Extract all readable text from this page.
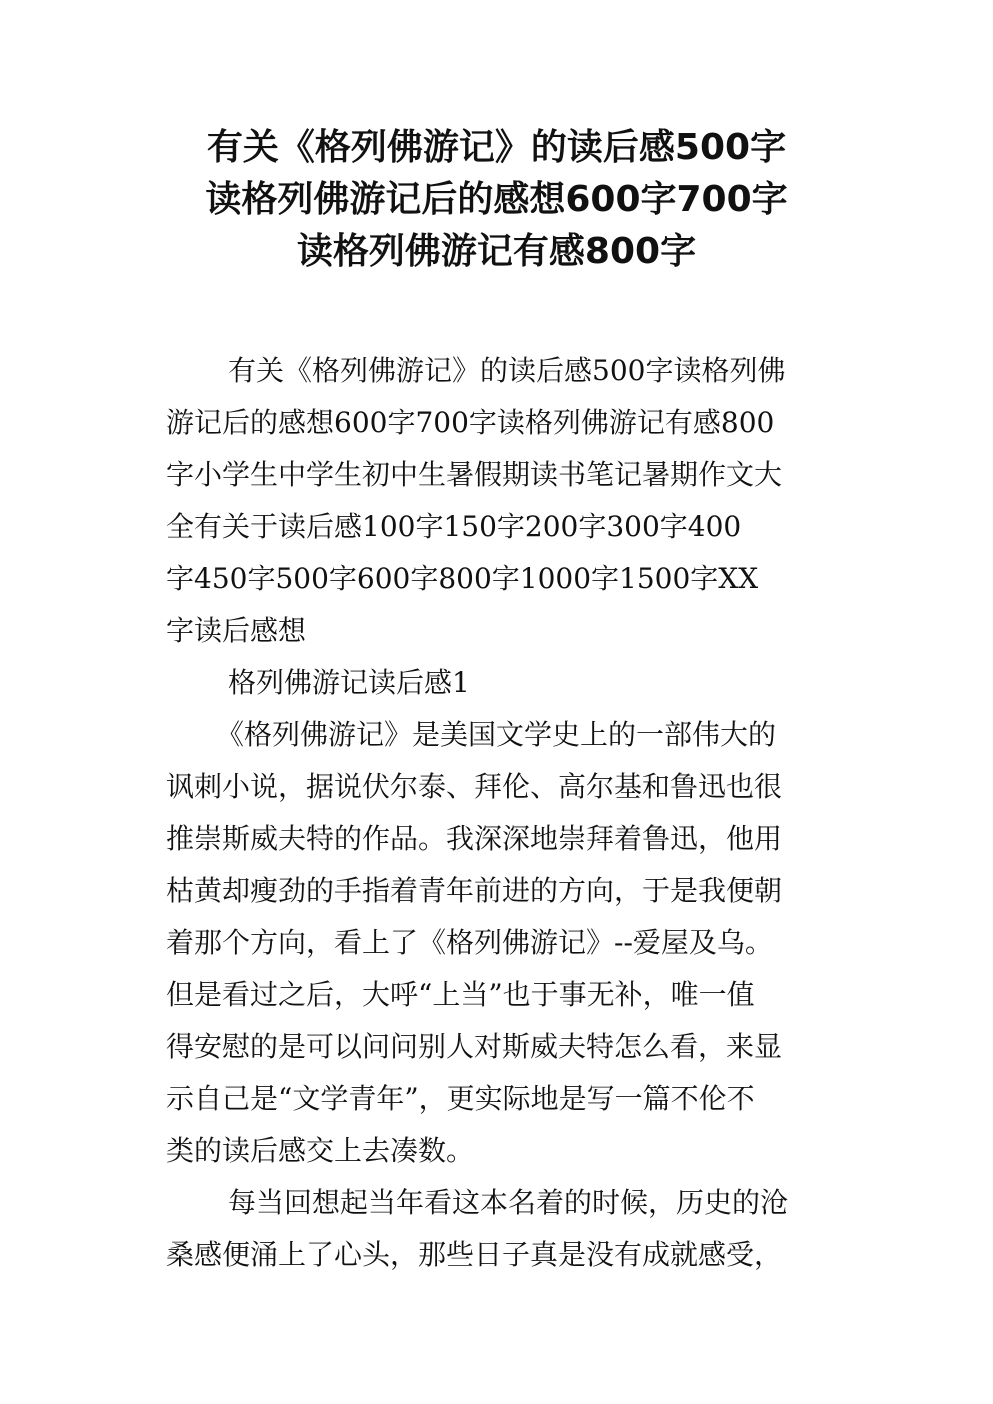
有关《格列佛游记》的读后感500字
读格列佛游记后的感想600字700字
读格列佛游记有感800字
有关《格列佛游记》的读后感500字读格列佛
游记后的感想600字700字读格列佛游记有感800
字小学生中学生初中生暑假期读书笔记暑期作文大
全有关于读后感100字150字200字300字400
字450字500字600字800字1000字1500字XX
字读后感想
格列佛游记读后感1
《格列佛游记》是美国文学史上的一部伟大的
讽刺小说，据说伏尔泰、拜伦、高尔基和鲁迅也很
推崇斯威夫特的作品。我深深地崇拜着鲁迅，他用
枯黄却瘦劲的手指着青年前进的方向，于是我便朝
着那个方向，看上了《格列佛游记》--爱屋及乌。
但是看过之后，大呼“上当”也于事无补，唯一值
得安慰的是可以问问别人对斯威夫特怎么看，来显
示自己是“文学青年”，更实际地是写一篇不伦不
类的读后感交上去凑数。
每当回想起当年看这本名着的时候，历史的沧
桑感便涌上了心头，那些日子真是没有成就感受，
